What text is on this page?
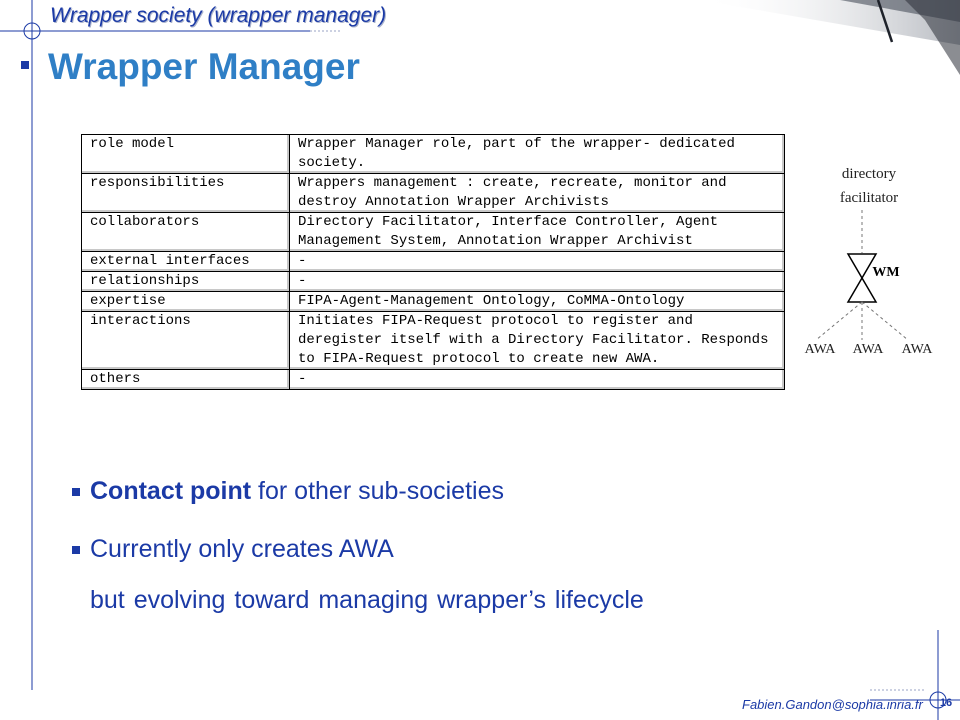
Wrapper society (wrapper manager)
Wrapper Manager
role model	Wrapper Manager role, part of the wrapper- dedicated society.
responsibilities	Wrappers management : create, recreate, monitor and destroy Annotation Wrapper Archivists
collaborators	Directory Facilitator, Interface Controller, Agent Management System, Annotation Wrapper Archivist
external interfaces	-
relationships	-
expertise	FIPA-Agent-Management Ontology, CoMMA-Ontology
interactions	Initiates FIPA-Request protocol to register and deregister itself with a Directory Facilitator. Responds to FIPA-Request protocol to create new AWA.
others	-
directory
facilitator
WM
AWA AWA AWA
Contact point for other sub-societies
Currently only creates AWA
but evolving toward managing wrapper’s lifecycle
Fabien.Gandon@sophia.inria.fr	16
